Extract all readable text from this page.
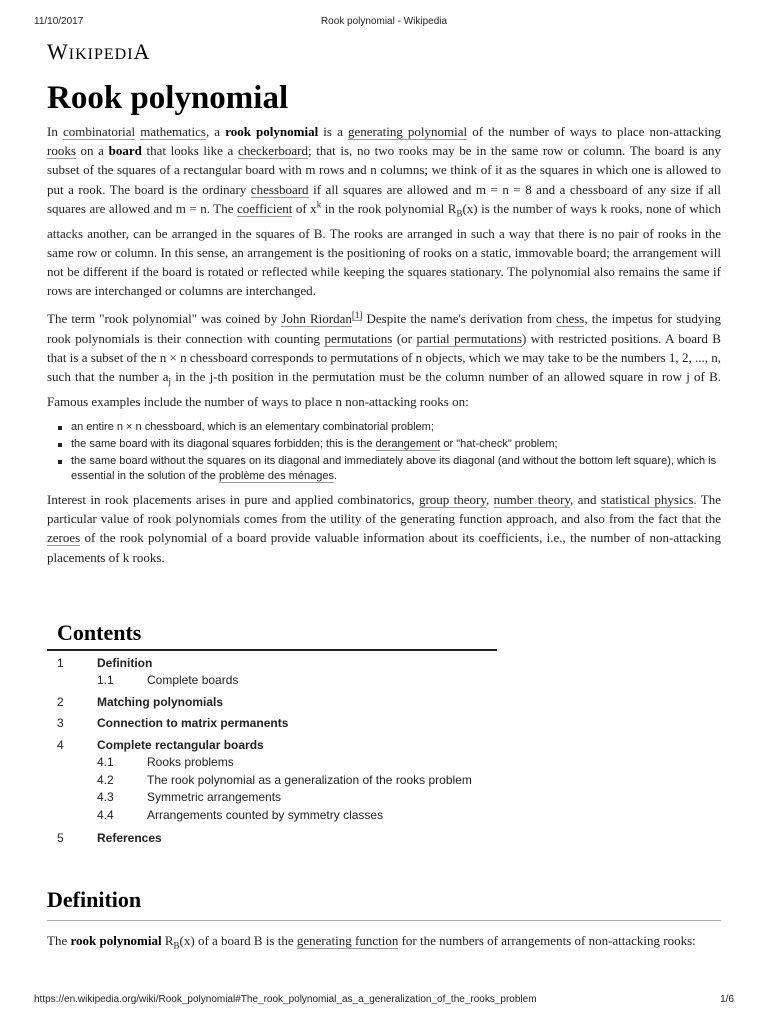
11/10/2017	Rook polynomial - Wikipedia
WIKIPEDIA
Rook polynomial

In combinatorial mathematics, a rook polynomial is a generating polynomial of the number of ways to place non-attacking rooks on a board that looks like a checkerboard; that is, no two rooks may be in the same row or column. The board is any subset of the squares of a rectangular board with m rows and n columns; we think of it as the squares in which one is allowed to put a rook. The board is the ordinary chessboard if all squares are allowed and m = n = 8 and a chessboard of any size if all squares are allowed and m = n. The coefficient of $x^k$ in the rook polynomial $R_B(x)$ is the number of ways k rooks, none of which attacks another, can be arranged in the squares of B. The rooks are arranged in such a way that there is no pair of rooks in the same row or column. In this sense, an arrangement is the positioning of rooks on a static, immovable board; the arrangement will not be different if the board is rotated or reflected while keeping the squares stationary. The polynomial also remains the same if rows are interchanged or columns are interchanged.

The term "rook polynomial" was coined by John Riordan[1] Despite the name's derivation from chess, the impetus for studying rook polynomials is their connection with counting permutations (or partial permutations) with restricted positions. A board B that is a subset of the n × n chessboard corresponds to permutations of n objects, which we may take to be the numbers 1, 2, ..., n, such that the number $a_j$ in the j-th position in the permutation must be the column number of an allowed square in row j of B. Famous examples include the number of ways to place n non-attacking rooks on:

an entire n × n chessboard, which is an elementary combinatorial problem;
the same board with its diagonal squares forbidden; this is the derangement or "hat-check" problem;
the same board without the squares on its diagonal and immediately above its diagonal (and without the bottom left square), which is essential in the solution of the problème des ménages.

Interest in rook placements arises in pure and applied combinatorics, group theory, number theory, and statistical physics. The particular value of rook polynomials comes from the utility of the generating function approach, and also from the fact that the zeroes of the rook polynomial of a board provide valuable information about its coefficients, i.e., the number of non-attacking placements of k rooks.

Contents
1	Definition
1.1	Complete boards
2	Matching polynomials
3	Connection to matrix permanents
4	Complete rectangular boards
4.1	Rooks problems
4.2	The rook polynomial as a generalization of the rooks problem
4.3	Symmetric arrangements
4.4	Arrangements counted by symmetry classes
5	References
Definition

The rook polynomial $R_B(x)$ of a board B is the generating function for the numbers of arrangements of non-attacking rooks:

https://en.wikipedia.org/wiki/Rook_polynomial#The_rook_polynomial_as_a_generalization_of_the_rooks_problem	1/6
